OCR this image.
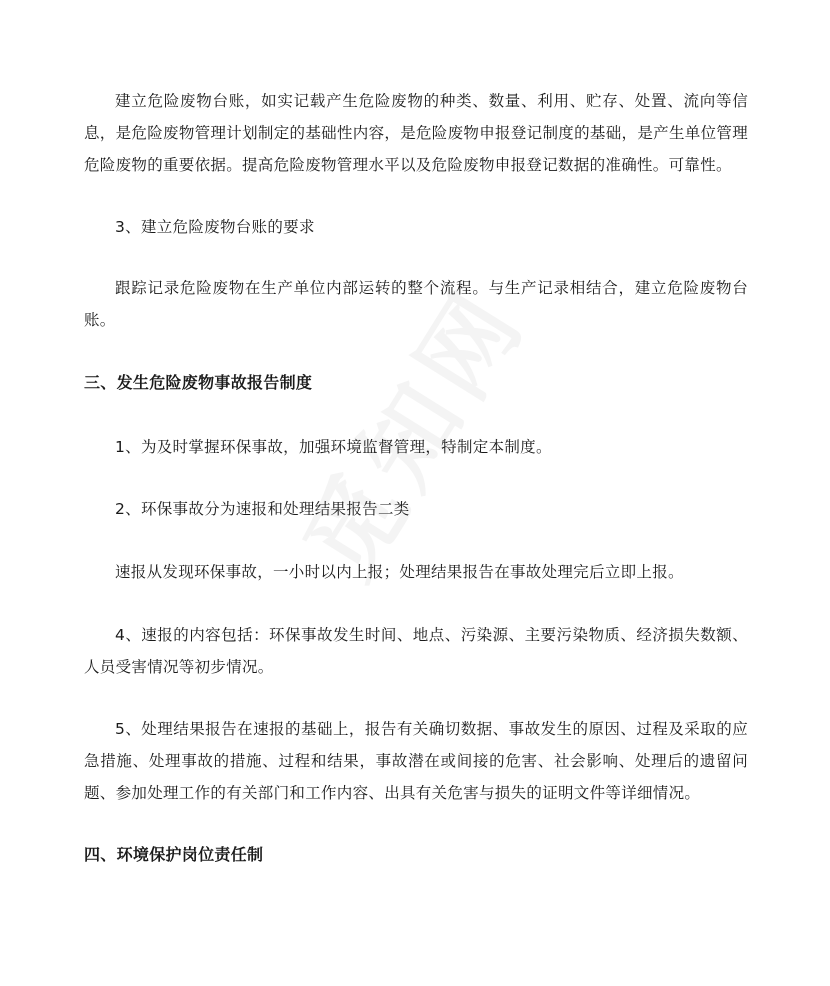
建立危险废物台账，如实记载产生危险废物的种类、数量、利用、贮存、处置、流向等信息，是危险废物管理计划制定的基础性内容，是危险废物申报登记制度的基础，是产生单位管理危险废物的重要依据。提高危险废物管理水平以及危险废物申报登记数据的准确性。可靠性。

3、建立危险废物台账的要求

跟踪记录危险废物在生产单位内部运转的整个流程。与生产记录相结合，建立危险废物台账。

三、发生危险废物事故报告制度

1、为及时掌握环保事故，加强环境监督管理，特制定本制度。

2、环保事故分为速报和处理结果报告二类

速报从发现环保事故，一小时以内上报；处理结果报告在事故处理完后立即上报。

4、速报的内容包括：环保事故发生时间、地点、污染源、主要污染物质、经济损失数额、人员受害情况等初步情况。

5、处理结果报告在速报的基础上，报告有关确切数据、事故发生的原因、过程及采取的应急措施、处理事故的措施、过程和结果，事故潜在或间接的危害、社会影响、处理后的遗留问题、参加处理工作的有关部门和工作内容、出具有关危害与损失的证明文件等详细情况。

四、环境保护岗位责任制
